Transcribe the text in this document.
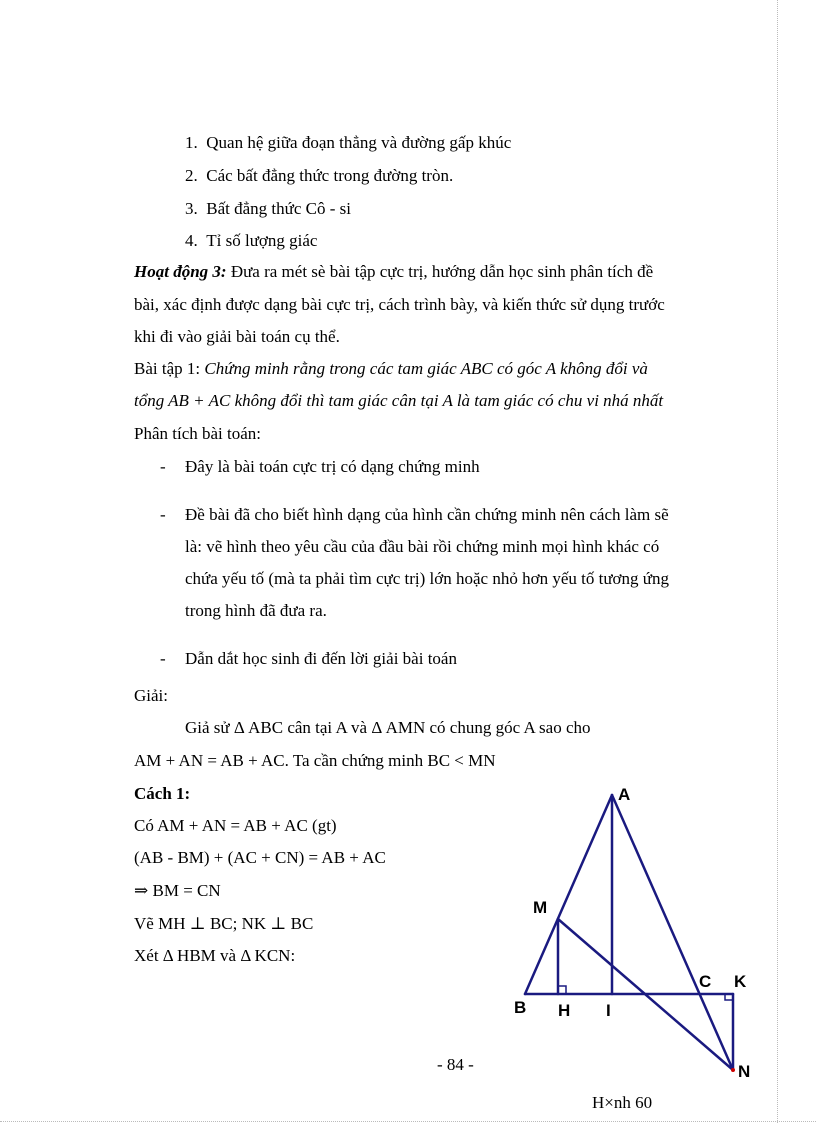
1. Quan hệ giữa đoạn thẳng và đường gấp khúc
2. Các bất đẳng thức trong đường tròn.
3. Bất đẳng thức Cô - si
4. Tỉ số lượng giác
Hoạt động 3: Đưa ra mét sè bài tập cực trị, hướng dẫn học sinh phân tích đề
bài, xác định được dạng bài cực trị, cách trình bày, và kiến thức sử dụng trước
khi đi vào giải bài toán cụ thể.
Bài tập 1: Chứng minh rằng trong các tam giác ABC có góc A không đổi và
tổng AB + AC không đổi thì tam giác cân tại A là tam giác có chu vi nhá nhất
Phân tích bài toán:
- Đây là bài toán cực trị có dạng chứng minh
- Đề bài đã cho biết hình dạng của hình cần chứng minh nên cách làm sẽ
là: vẽ hình theo yêu cầu của đầu bài rồi chứng minh mọi hình khác có
chứa yếu tố (mà ta phải tìm cực trị) lớn hoặc nhỏ hơn yếu tố tương ứng
trong hình đã đưa ra.
- Dẫn dắt học sinh đi đến lời giải bài toán
Giải:
Giả sử Δ ABC cân tại A và Δ AMN có chung góc A sao cho
AM + AN = AB + AC. Ta cần chứng minh BC < MN
Cách 1:
Có AM + AN = AB + AC (gt)
(AB - BM) + (AC + CN) = AB + AC
⇒ BM = CN
Vẽ MH ⊥ BC; NK ⊥ BC
Xét Δ HBM và Δ KCN:
A
M
B H I
C K
N
- 84 -
H×nh 60
